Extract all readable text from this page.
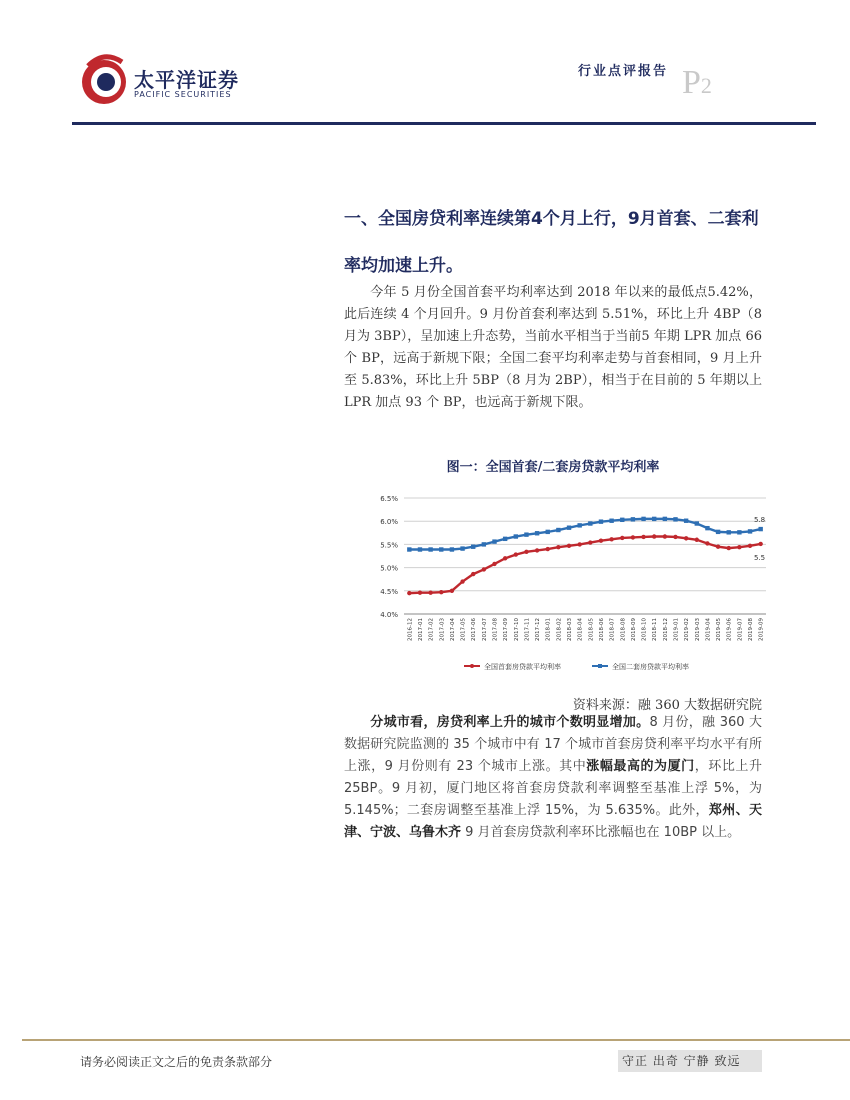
太平洋证券
PACIFIC SECURITIES
行业点评报告 P2
一、全国房贷利率连续第4个月上行，9月首套、二套利率均加速上升。
今年 5 月份全国首套平均利率达到 2018 年以来的最低点5.42%，此后连续 4 个月回升。9 月份首套利率达到 5.51%，环比上升 4BP（8 月为 3BP），呈加速上升态势，当前水平相当于当前5 年期 LPR 加点 66 个 BP，远高于新规下限；全国二套平均利率走势与首套相同，9 月上升至 5.83%，环比上升 5BP（8 月为 2BP），相当于在目前的 5 年期以上 LPR 加点 93 个 BP，也远高于新规下限。
图一：全国首套/二套房贷款平均利率
4.0%
4.5%
5.0%
5.5%
6.0%
6.5%
2016-12 2017-01 2017-02 2017-03 2017-04 2017-05 2017-06 2017-07 2017-08 2017-09 2017-10 2017-11 2017-12 2018-01 2018-02 2018-03 2018-04 2018-05 2018-06 2018-07 2018-08 2018-09 2018-10 2018-11 2018-12 2019-01 2019-02 2019-03 2019-04 2019-05 2019-06 2019-07 2019-08 2019-09
5.8
5.5
全国首套房贷款平均利率	全国二套房贷款平均利率
资料来源：融 360 大数据研究院
分城市看，房贷利率上升的城市个数明显增加。8 月份，融 360 大数据研究院监测的 35 个城市中有 17 个城市首套房贷利率平均水平有所上涨，9 月份则有 23 个城市上涨。其中涨幅最高的为厦门，环比上升 25BP。9 月初，厦门地区将首套房贷款利率调整至基准上浮 5%，为 5.145%；二套房调整至基准上浮 15%，为 5.635%。此外，郑州、天津、宁波、乌鲁木齐 9 月首套房贷款利率环比涨幅也在 10BP 以上。
请务必阅读正文之后的免责条款部分	守正 出奇 宁静 致远
